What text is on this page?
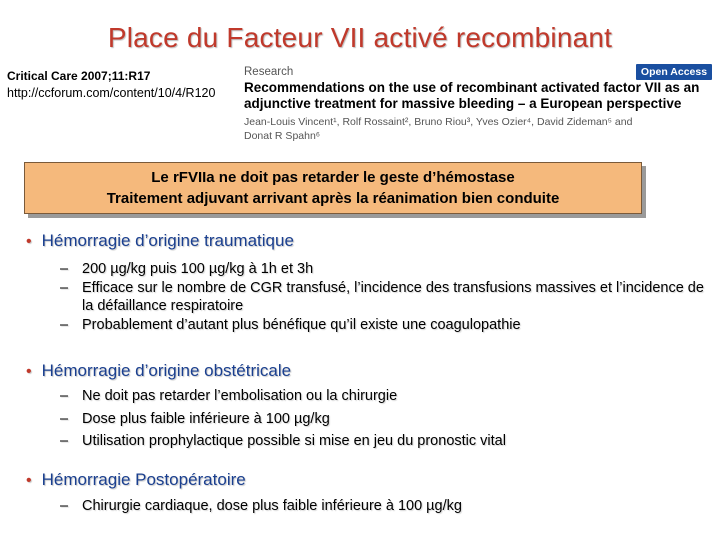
Place du Facteur VII activé recombinant
Critical Care 2007;11:R17
http://ccforum.com/content/10/4/R120
Research
Recommendations on the use of recombinant activated factor VII as an adjunctive treatment for massive bleeding – a European perspective
Jean-Louis Vincent¹, Rolf Rossaint², Bruno Riou³, Yves Ozier⁴, David Zideman⁵ and Donat R Spahn⁶
Open Access
Le rFVIIa ne doit pas retarder le geste d’hémostase
Traitement adjuvant arrivant après la réanimation bien conduite
• Hémorragie d’origine traumatique
– 200 µg/kg puis 100 µg/kg à 1h et 3h
– Efficace sur le nombre de CGR transfusé, l’incidence des transfusions massives et l’incidence de la défaillance respiratoire
– Probablement d’autant plus bénéfique qu’il existe une coagulopathie
• Hémorragie d’origine obstétricale
– Ne doit pas retarder l’embolisation ou la chirurgie
– Dose plus faible inférieure à 100 µg/kg
– Utilisation prophylactique possible si mise en jeu du pronostic vital
• Hémorragie Postopératoire
– Chirurgie cardiaque, dose plus faible inférieure à 100 µg/kg
